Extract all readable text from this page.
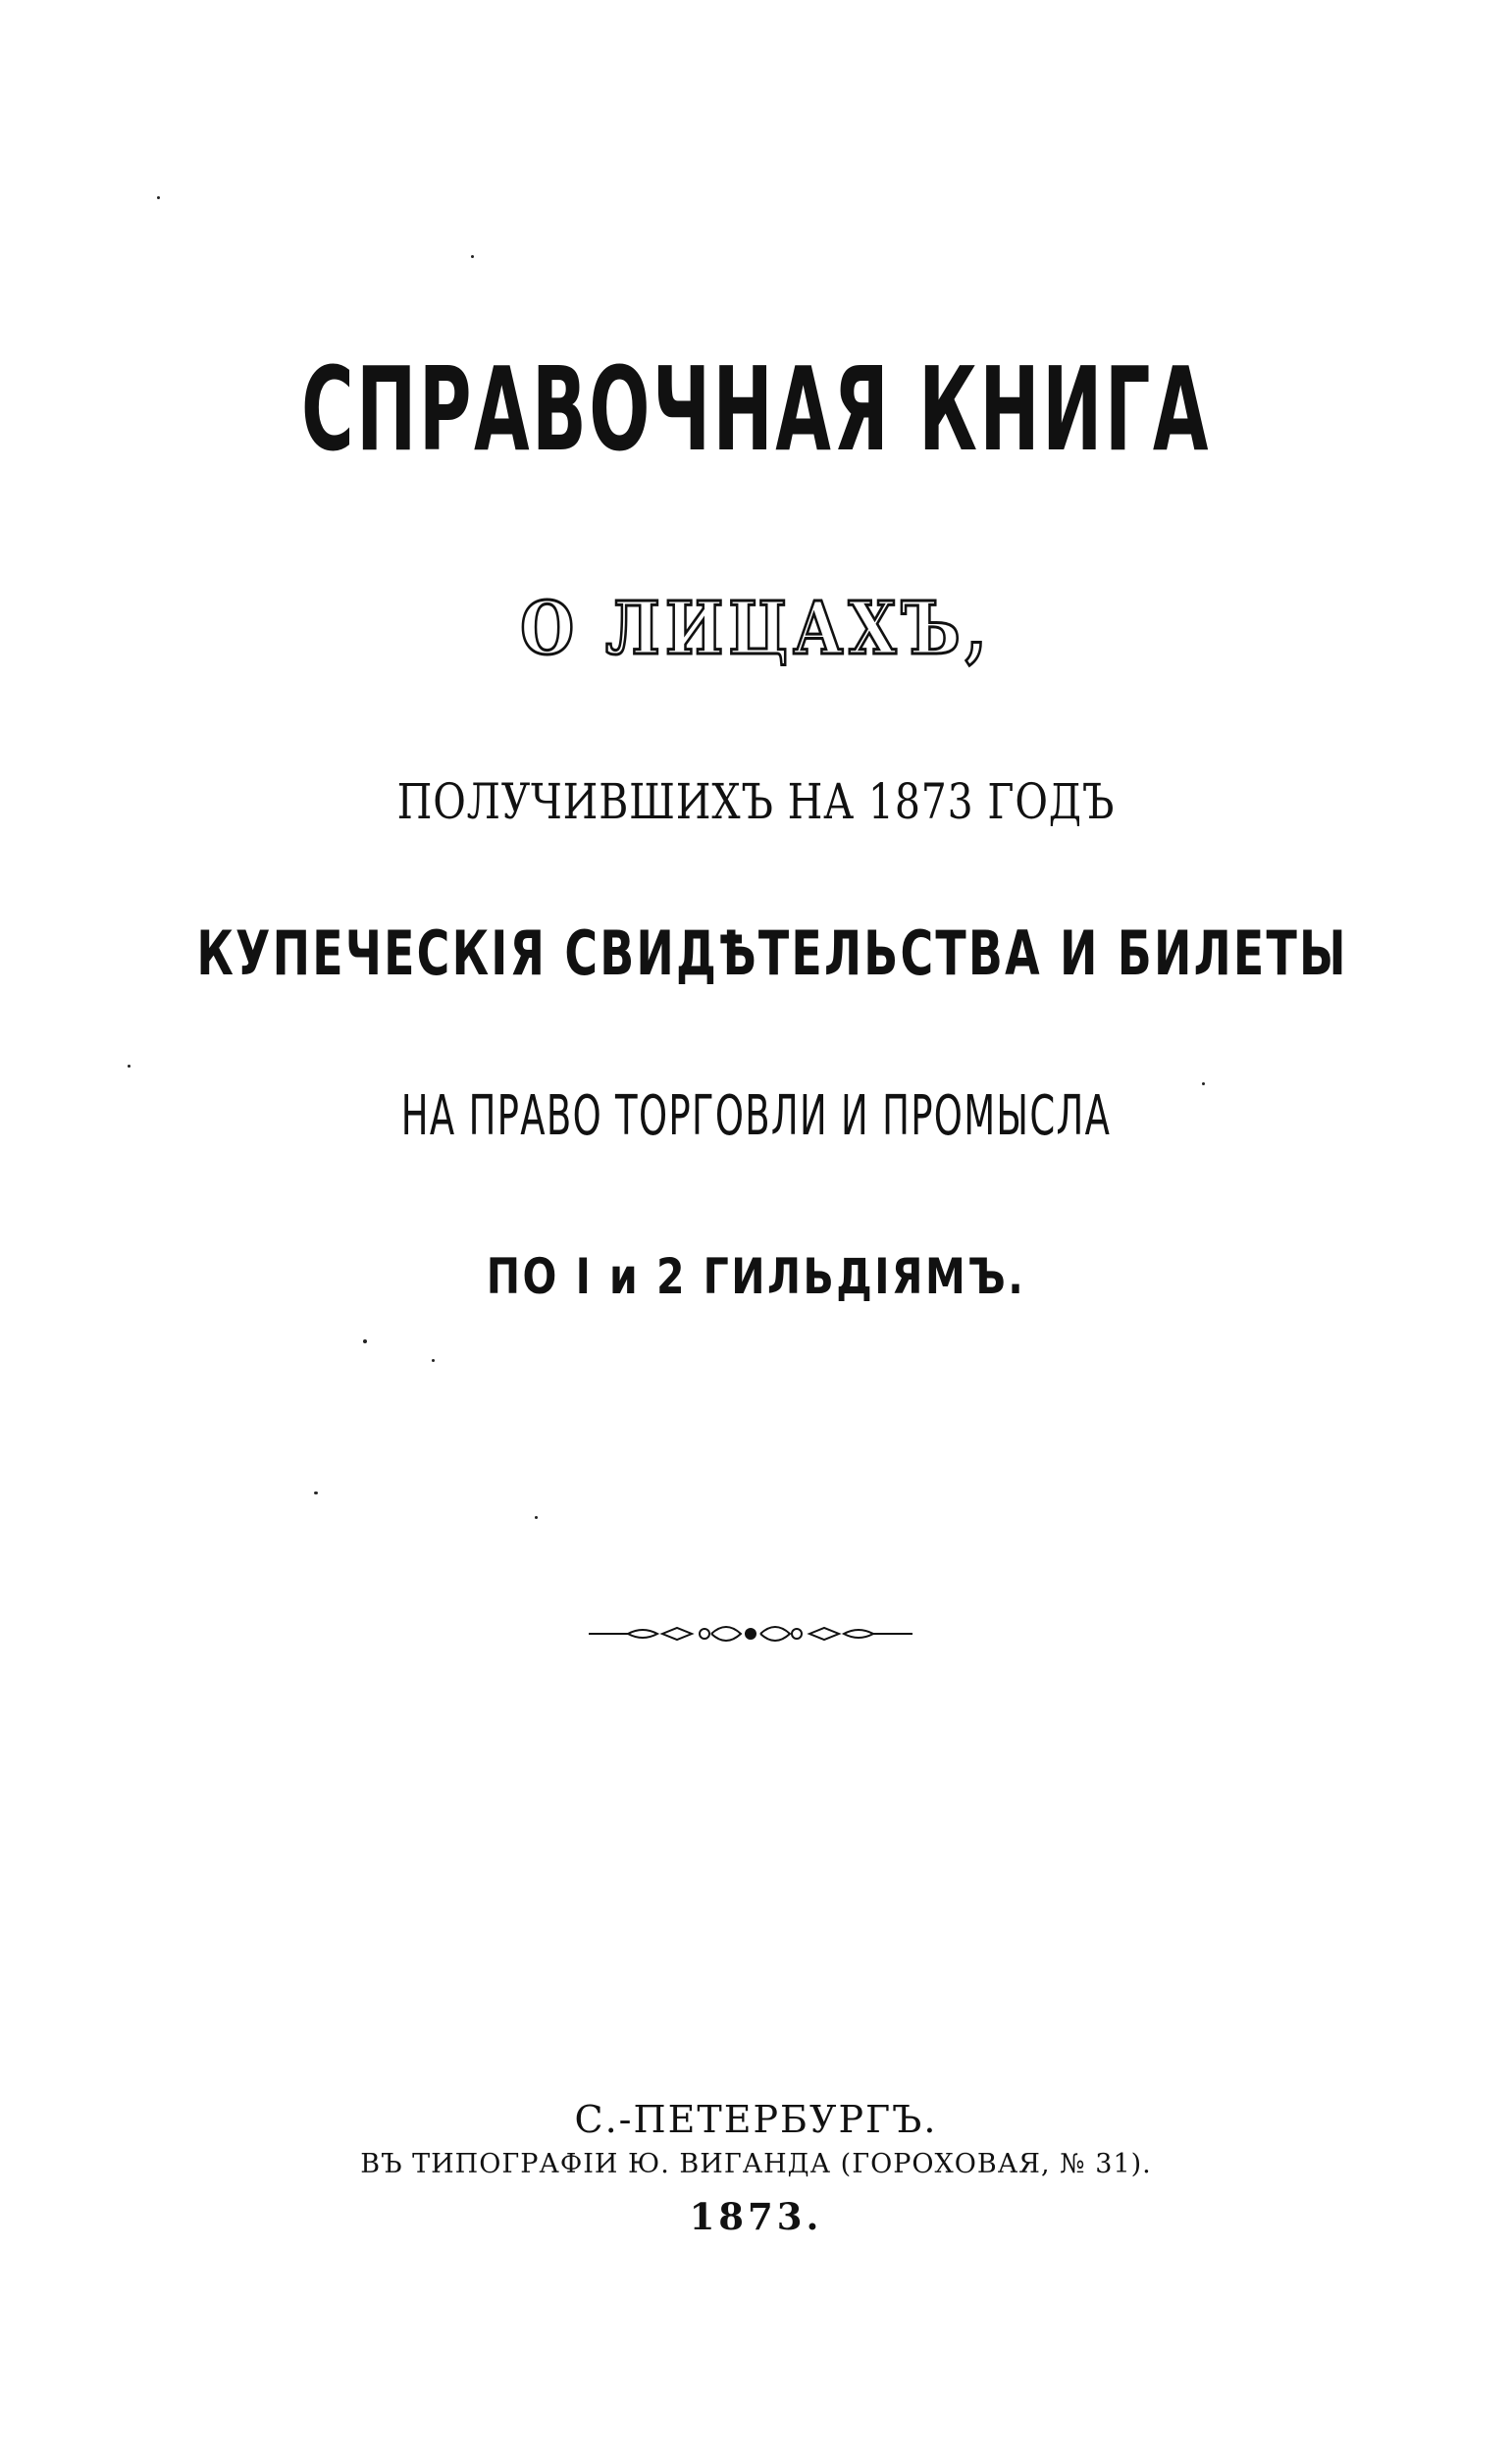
СПРАВОЧНАЯ КНИГА
О ЛИЦАХЪ,
ПОЛУЧИВШИХЪ НА 1873 ГОДЪ
КУПЕЧЕСКІЯ СВИДѢТЕЛЬСТВА И БИЛЕТЫ
НА ПРАВО ТОРГОВЛИ И ПРОМЫСЛА
ПО I и 2 ГИЛЬДІЯМЪ.
С.-ПЕТЕРБУРГЪ.
ВЪ ТИПОГРАФІИ Ю. ВИГАНДА (ГОРОХОВАЯ, № 31).
1873.
